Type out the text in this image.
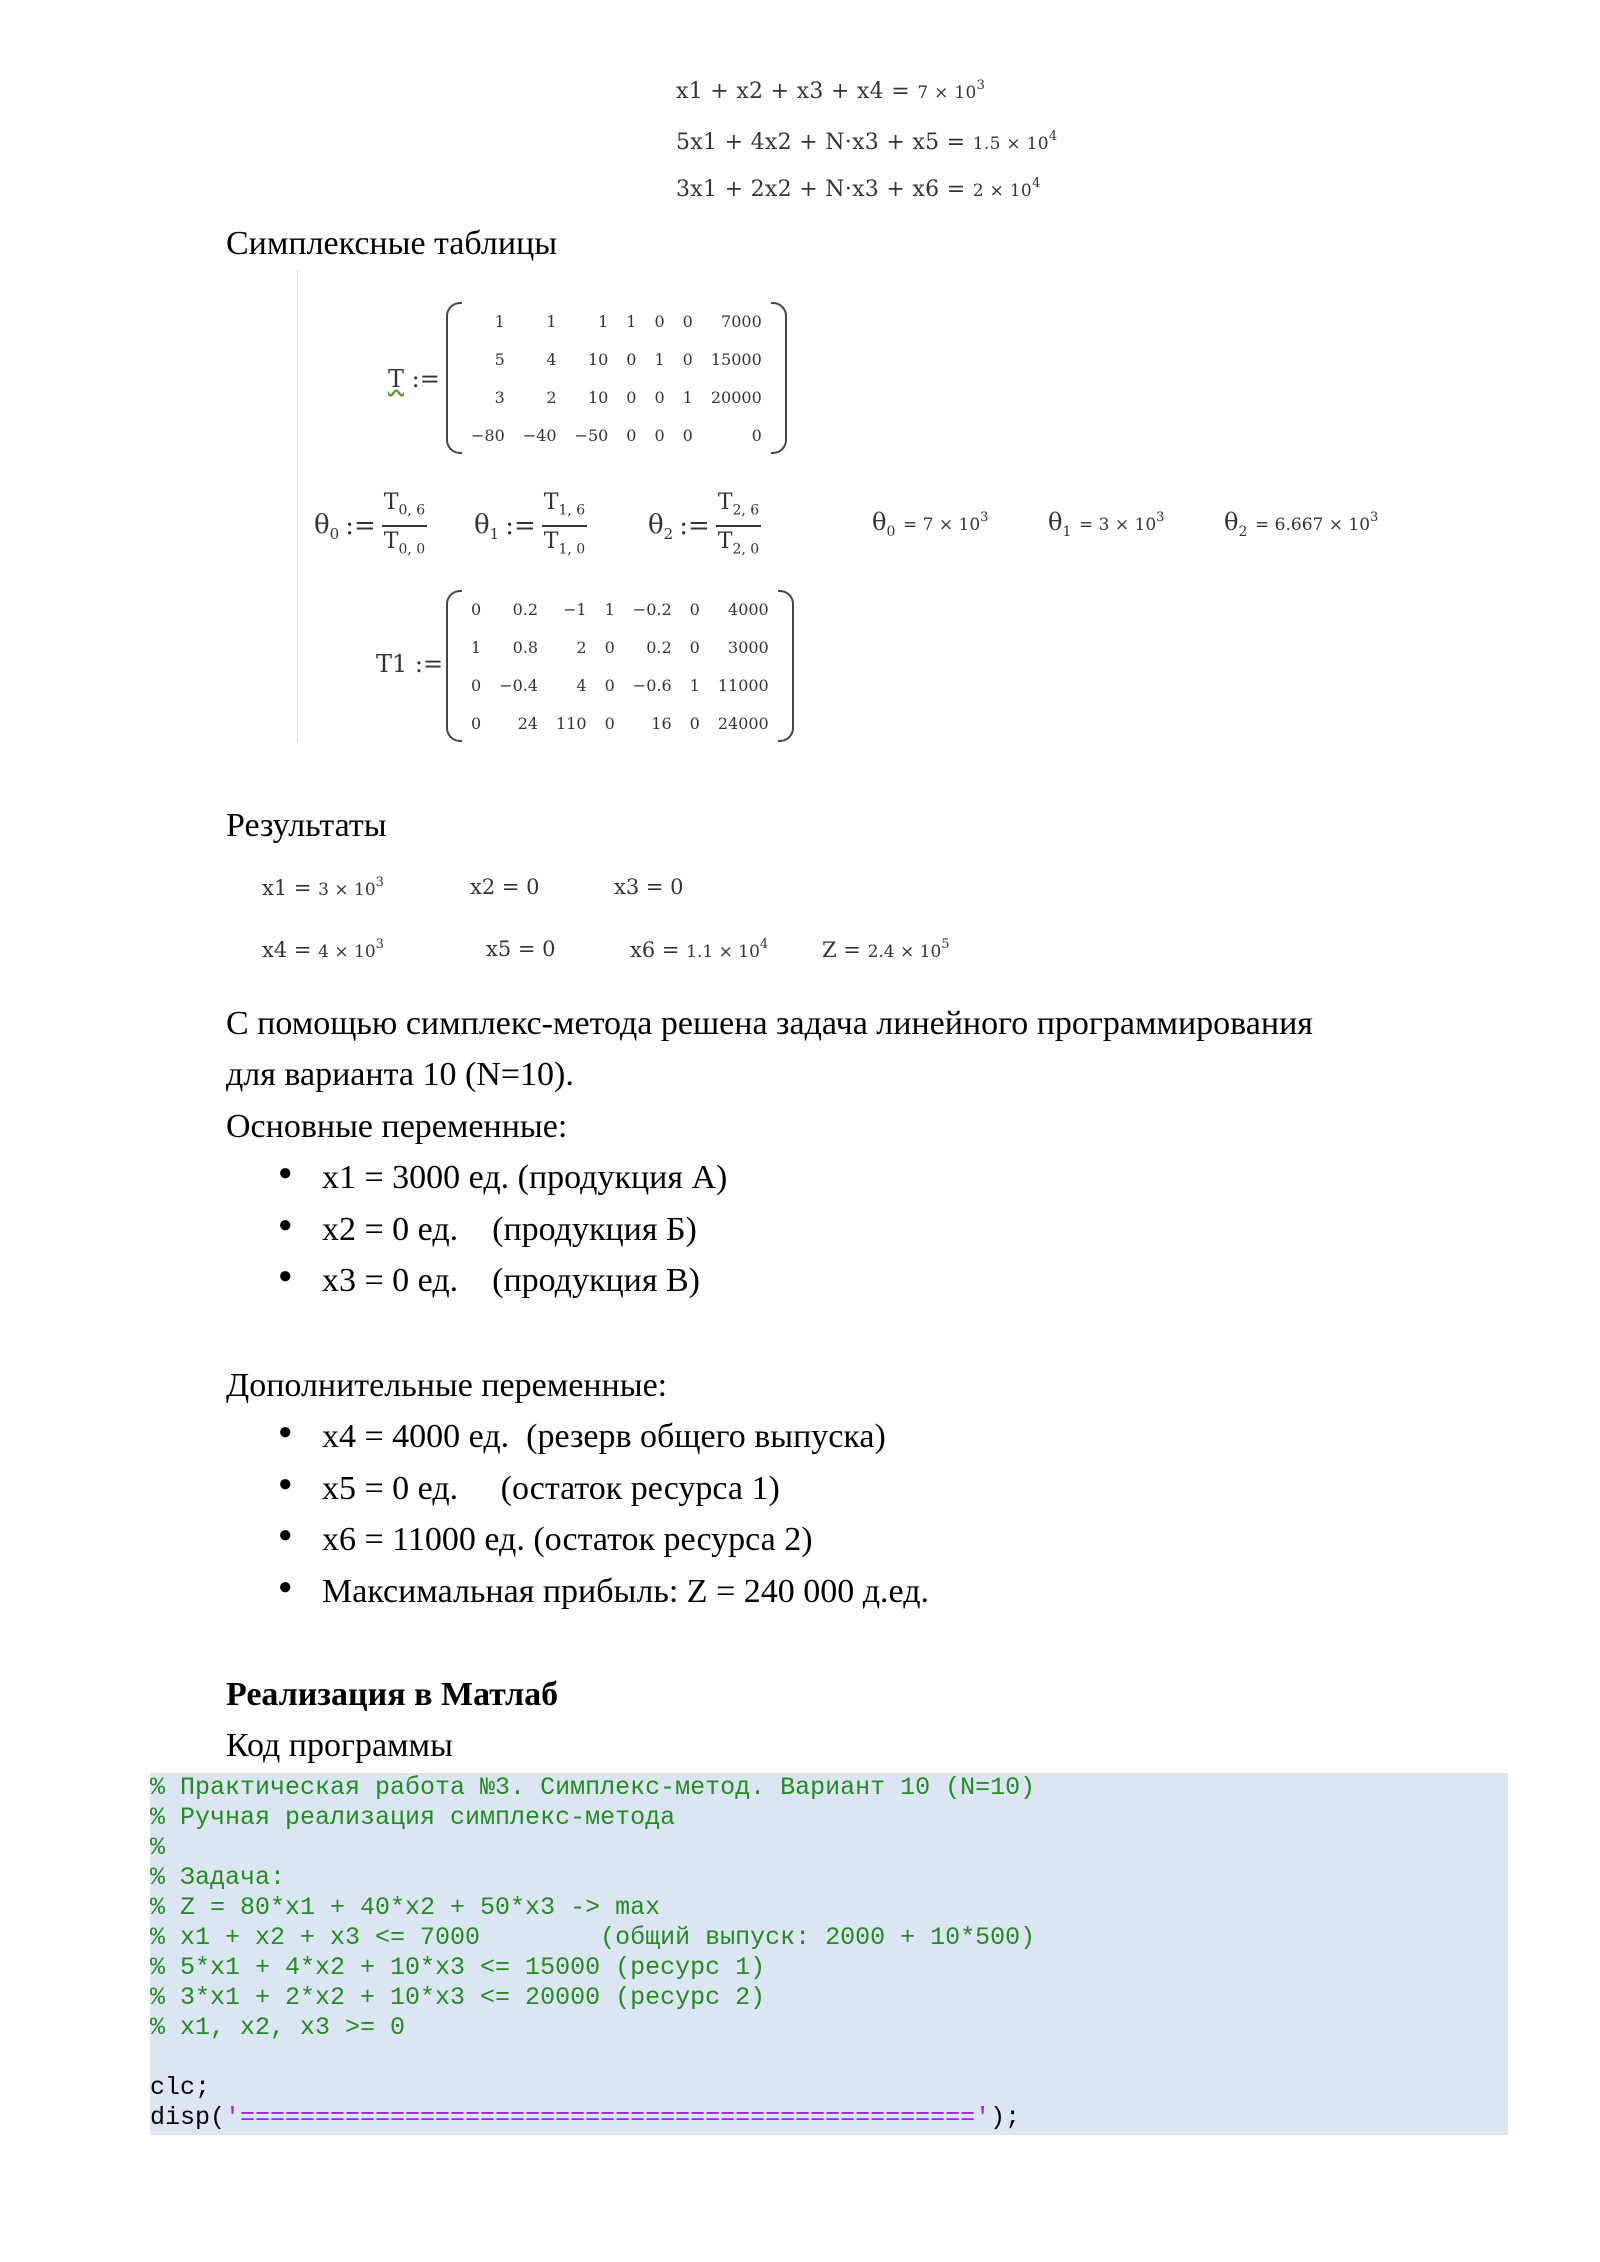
$x1 + x2 + x3 + x4 = 7 \times 10^3$
$5x1 + 4x2 + N\cdot x3 + x5 = 1.5 \times 10^4$
$3x1 + 2x2 + N\cdot x3 + x6 = 2 \times 10^4$
Симплексные таблицы
T :=
1	1	1	1	0	0	7000
5	4	10	0	1	0	15000
3	2	10	0	0	1	20000
−80	−40	−50	0	0	0	0
$\theta_0$ := $\frac{T_{0, 6}}{T_{0, 0}} \theta_1$ := $\frac{T_{1, 6}}{T_{1, 0}} \theta_2$ := $\frac{T_{2, 6}}{T_{2, 0}}$	$\theta_0 = 7 \times 10^3$ $\theta_1 = 3 \times 10^3$ $\theta_2 = 6.667 \times 10^3$
T1 :=
0	0.2	−1	1	−0.2	0	4000
1	0.8	2	0	0.2	0	3000
0	−0.4	4	0	−0.6	1	11000
0	24	110	0	16	0	24000
Результаты
$x1 = 3 \times 10^3$	x2 = 0	x3 = 0
$x4 = 4 \times 10^3$	x5 = 0	$x6 = 1.1 \times 10^4$	$Z = 2.4 \times 10^5$
С помощью симплекс-метода решена задача линейного программирования
для варианта 10 (N=10).
Основные переменные:
● x1 = 3000 ед. (продукция А)
● x2 = 0 ед.    (продукция Б)
● x3 = 0 ед.    (продукция В)
Дополнительные переменные:
● x4 = 4000 ед.  (резерв общего выпуска)
● x5 = 0 ед.     (остаток ресурса 1)
● x6 = 11000 ед. (остаток ресурса 2)
● Максимальная прибыль: Z = 240 000 д.ед.
Реализация в Матлаб
Код программы
% Практическая работа №3. Симплекс-метод. Вариант 10 (N=10)
% Ручная реализация симплекс-метода
%
% Задача:
% Z = 80*x1 + 40*x2 + 50*x3 -> max
% x1 + x2 + x3 <= 7000        (общий выпуск: 2000 + 10*500)
% 5*x1 + 4*x2 + 10*x3 <= 15000 (ресурс 1)
% 3*x1 + 2*x2 + 10*x3 <= 20000 (ресурс 2)
% x1, x2, x3 >= 0

clc;
disp('=================================================');
